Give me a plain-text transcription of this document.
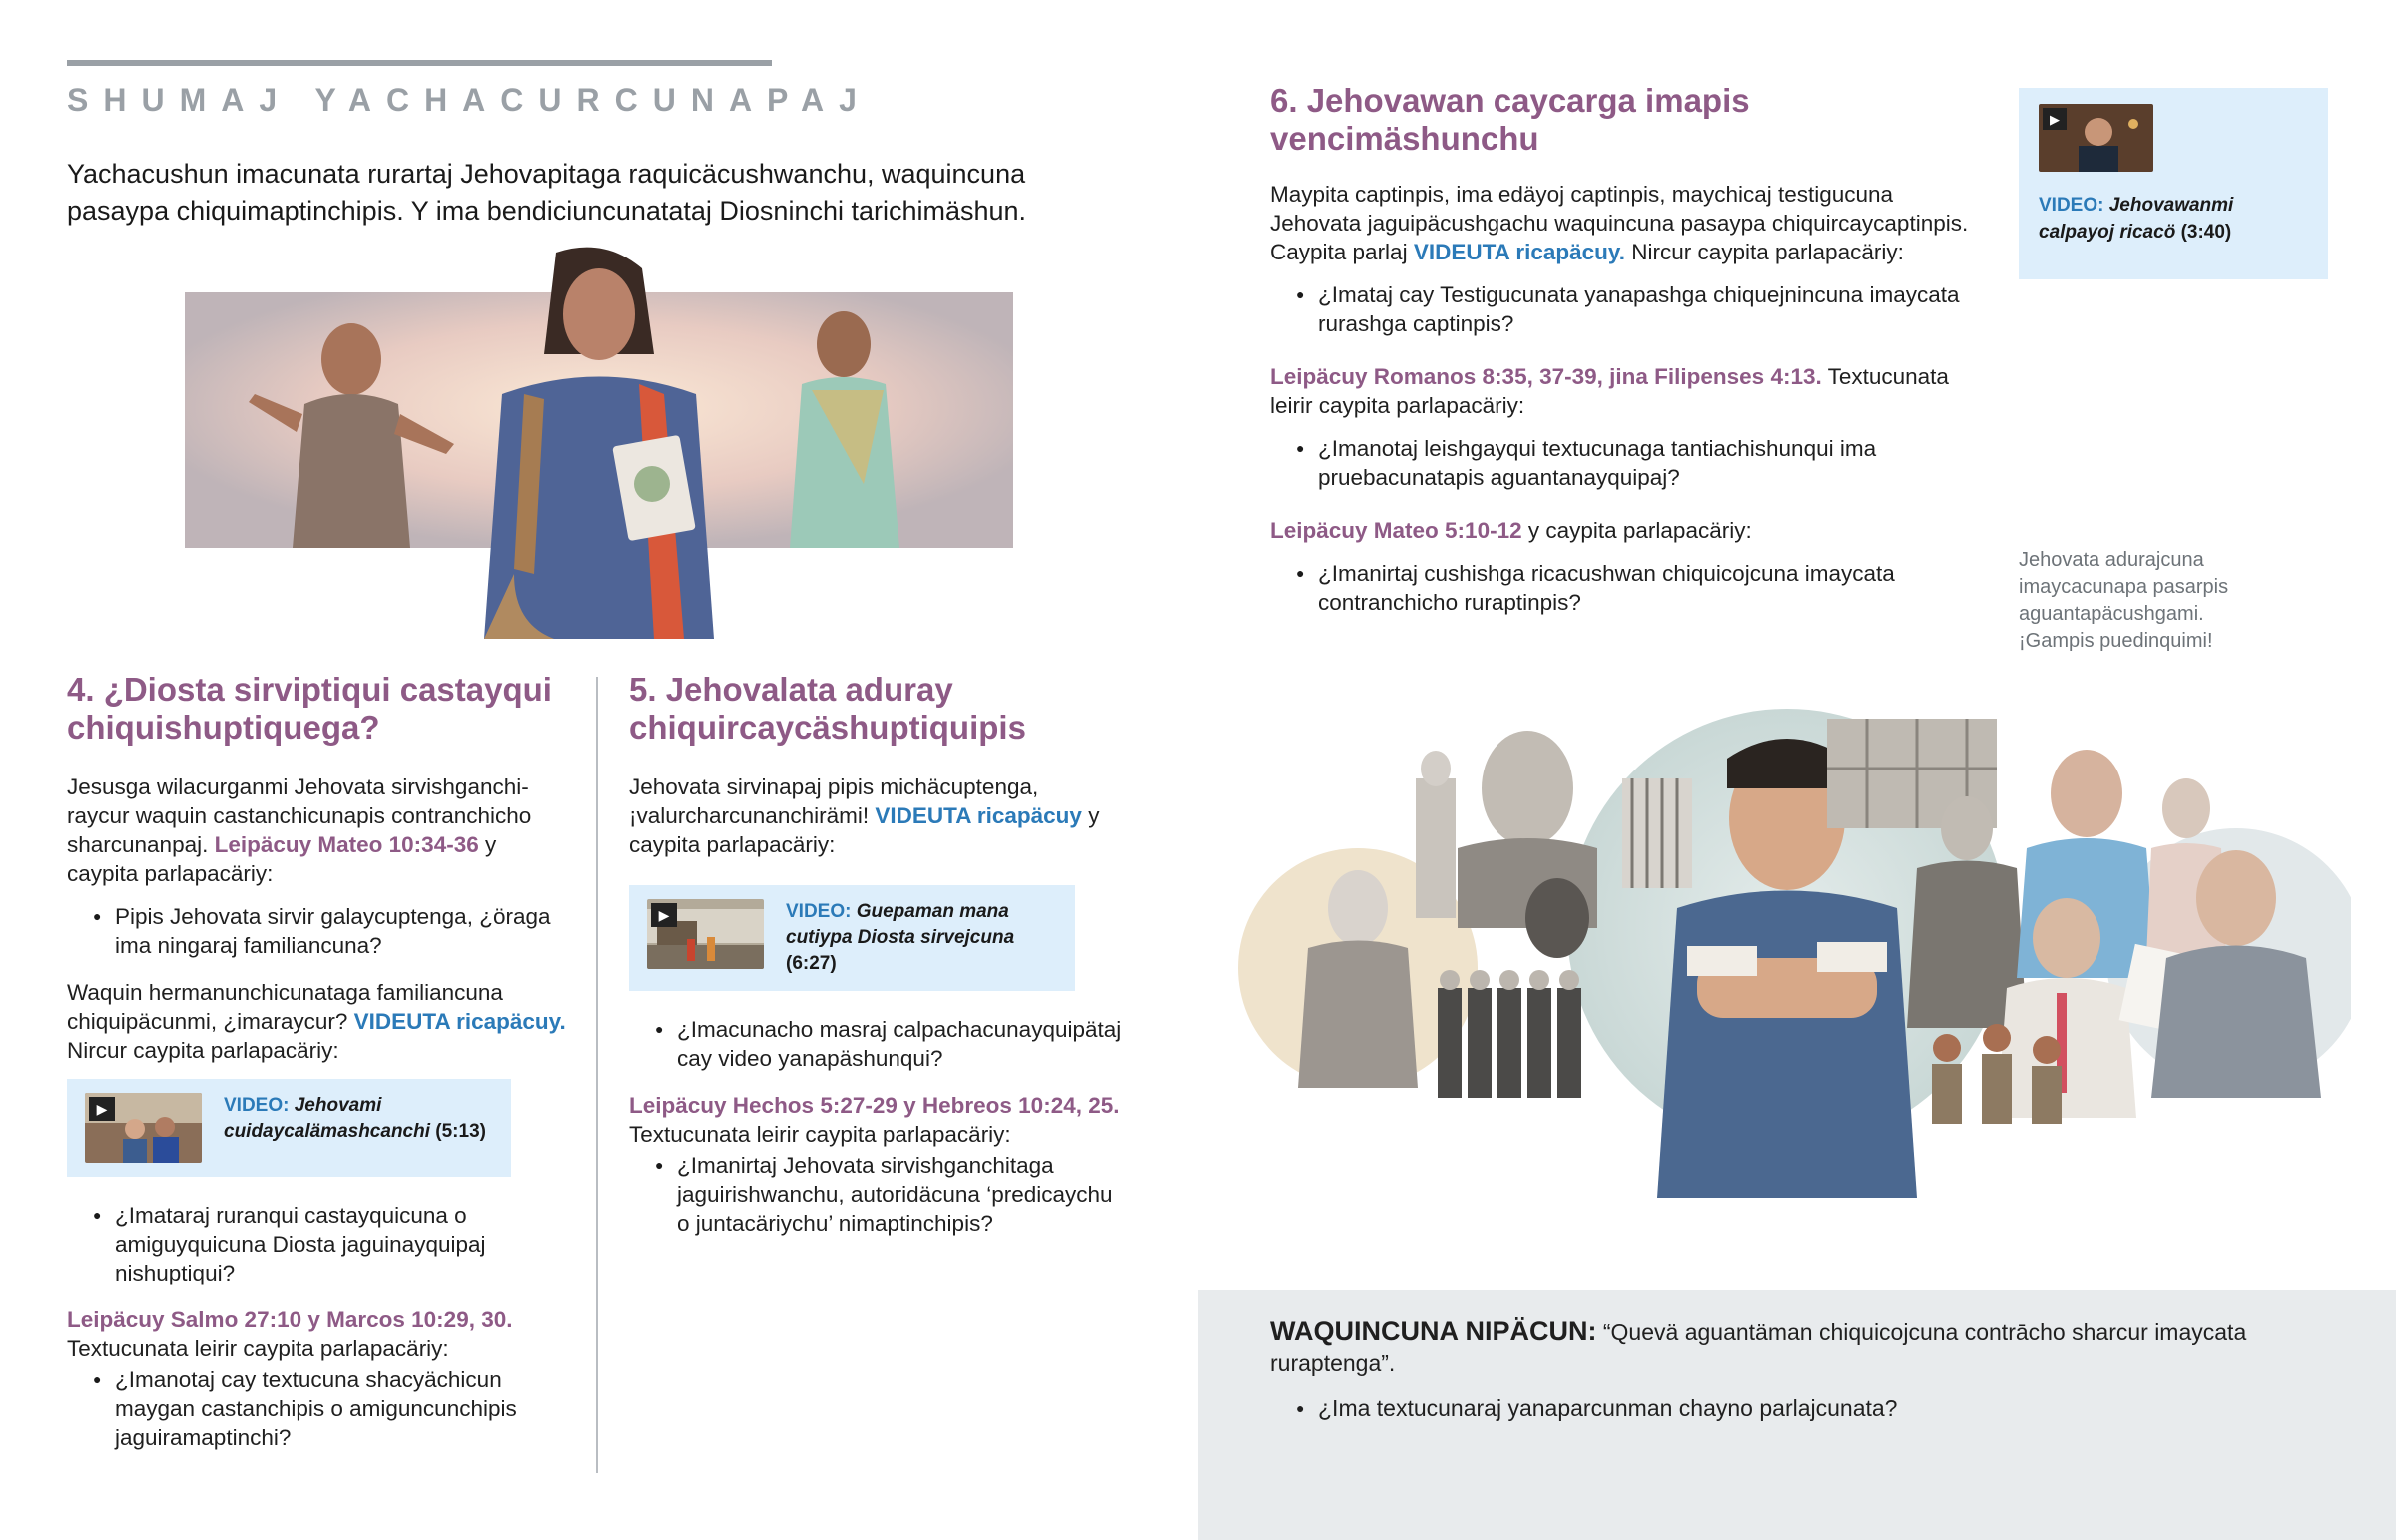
SHUMAJ YACHACURCUNAPAJ
Yachacushun imacunata rurartaj Jehovapitaga raquicäcushwanchu, waquincuna pasaypa chiquimaptinchipis. Y ima bendiciuncunatataj Diosninchi tarichimäshun.
4. ¿Diosta sirviptiqui castayqui chiquishuptiquega?

Jesusga wilacurganmi Jehovata sirvishganchi-raycur waquin castanchicunapis contranchicho sharcunanpaj. Leipäcuy Mateo 10:34-36 y caypita parlapacäriy:

● Pipis Jehovata sirvir galaycuptenga, ¿öraga ima ningaraj familiancuna?

Waquin hermanunchicunataga familiancuna chiquipäcunmi, ¿imaraycur? VIDEUTA ricapäcuy. Nircur caypita parlapacäriy:

▶	VIDEO: Jehovami cuidaycalämashcanchi (5:13)
● ¿Imataraj ruranqui castayquicuna o amiguyquicuna Diosta jaguinayquipaj nishuptiqui?

Leipäcuy Salmo 27:10 y Marcos 10:29, 30.
Textucunata leirir caypita parlapacäriy:

● ¿Imanotaj cay textucuna shacyächicun maygan castanchipis o amiguncunchipis jaguiramaptinchi?
5. Jehovalata aduray chiquircaycäshuptiquipis

Jehovata sirvinapaj pipis michäcuptenga, ¡valurcharcunanchirämi! VIDEUTA ricapäcuy y caypita parlapacäriy:

▶	VIDEO: Guepaman mana cutiypa Diosta sirvejcuna (6:27)
● ¿Imacunacho masraj calpachacunayquipätaj cay video yanapäshunqui?

Leipäcuy Hechos 5:27-29 y Hebreos 10:24, 25.
Textucunata leirir caypita parlapacäriy:

● ¿Imanirtaj Jehovata sirvishganchitaga jaguirishwanchu, autoridäcuna ‘predicaychu o juntacäriychu’ nimaptinchipis?
6. Jehovawan caycarga imapis vencimäshunchu

Maypita captinpis, ima edäyoj captinpis, maychicaj testigucuna Jehovata jaguipäcushgachu waquincuna pasaypa chiquircaycaptinpis. Caypita parlaj VIDEUTA ricapäcuy. Nircur caypita parlapacäriy:

● ¿Imataj cay Testigucunata yanapashga chiquejnincuna imaycata rurashga captinpis?

Leipäcuy Romanos 8:35, 37-39, jina Filipenses 4:13. Textucunata leirir caypita parlapacäriy:

● ¿Imanotaj leishgayqui textucunaga tantiachishunqui ima pruebacunatapis aguantanayquipaj?

Leipäcuy Mateo 5:10-12 y caypita parlapacäriy:

● ¿Imanirtaj cushishga ricacushwan chiquicojcuna imaycata contranchicho ruraptinpis?
▶
VIDEO: Jehovawanmi calpayoj ricacö (3:40)
Jehovata adurajcuna imaycacunapa pasarpis aguantapäcushgami. ¡Gampis puedinquimi!

WAQUINCUNA NIPÄCUN: “Quevä aguantäman chiquicojcuna contrācho sharcur imaycata ruraptenga”.

● ¿Ima textucunaraj yanaparcunman chayno parlajcunata?
